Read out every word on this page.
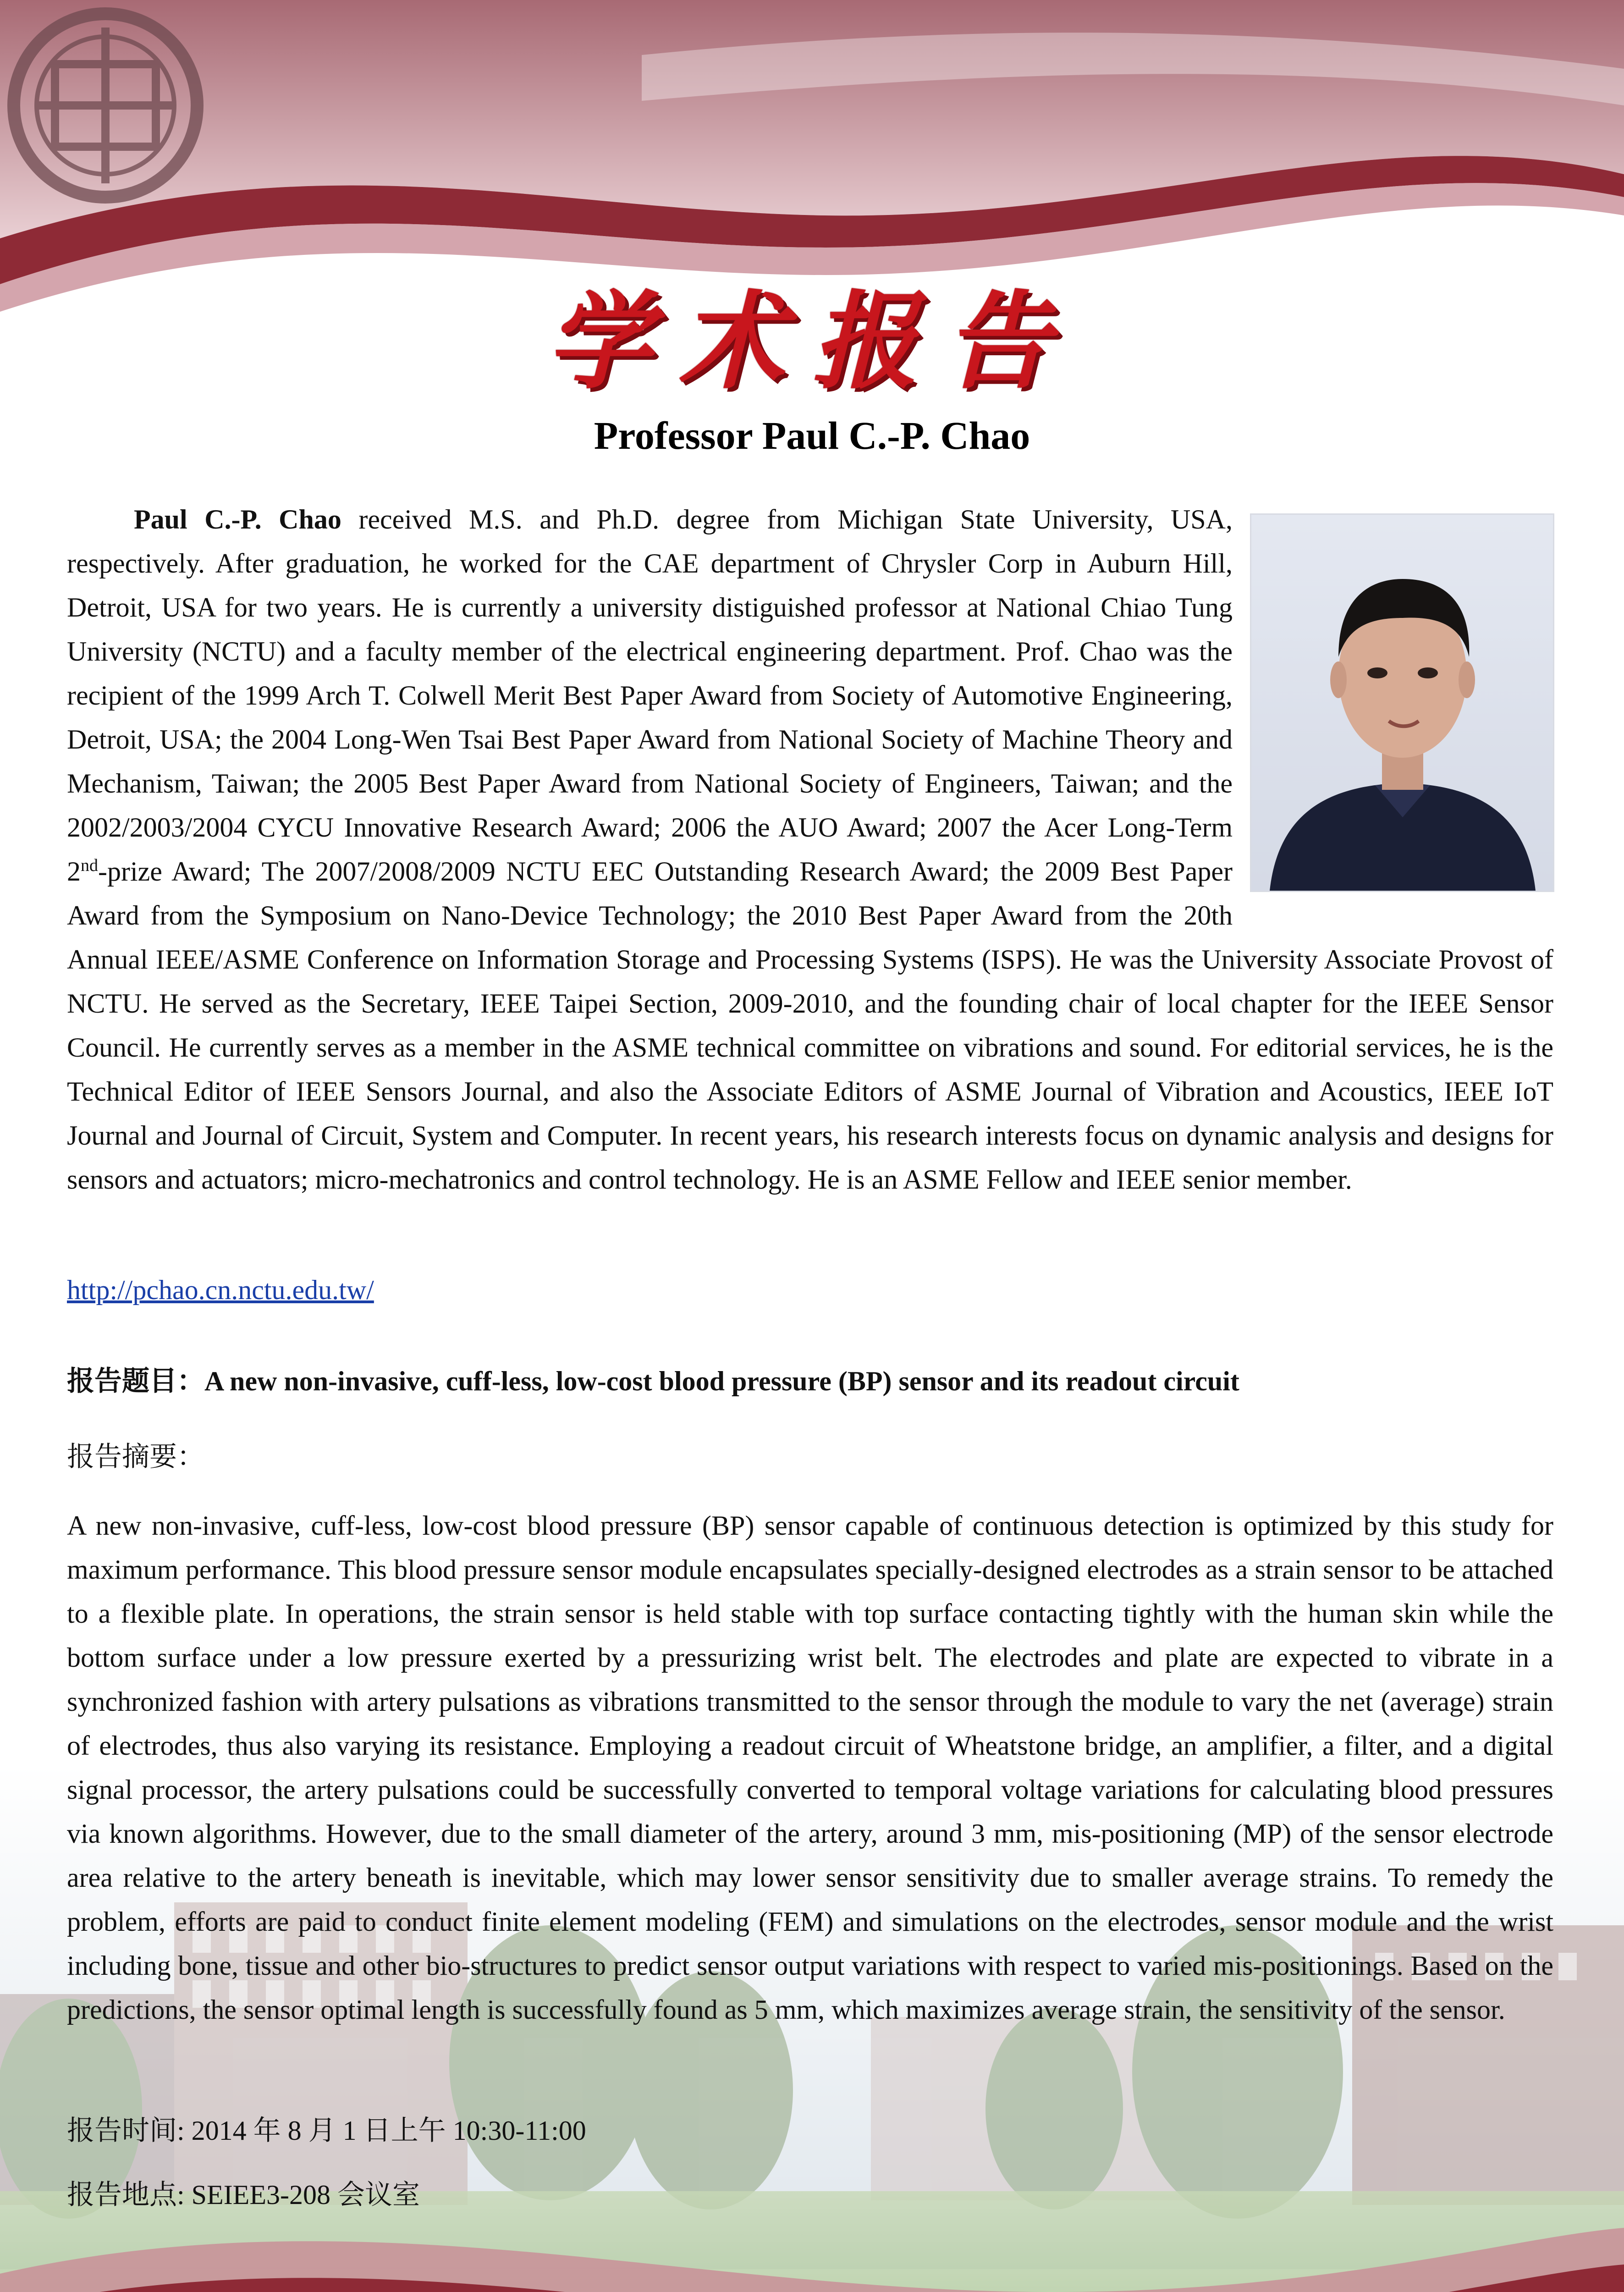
学术报告
Professor Paul C.-P. Chao

Paul C.-P. Chao received M.S. and Ph.D. degree from Michigan State University, USA, respectively. After graduation, he worked for the CAE department of Chrysler Corp in Auburn Hill, Detroit, USA for two years. He is currently a university distiguished professor at National Chiao Tung University (NCTU) and a faculty member of the electrical engineering department. Prof. Chao was the recipient of the 1999 Arch T. Colwell Merit Best Paper Award from Society of Automotive Engineering, Detroit, USA; the 2004 Long-Wen Tsai Best Paper Award from National Society of Machine Theory and Mechanism, Taiwan; the 2005 Best Paper Award from National Society of Engineers, Taiwan; and the 2002/2003/2004 CYCU Innovative Research Award; 2006 the AUO Award; 2007 the Acer Long-Term 2nd-prize Award; The 2007/2008/2009 NCTU EEC Outstanding Research Award; the 2009 Best Paper Award from the Symposium on Nano-Device Technology; the 2010 Best Paper Award from the 20th Annual IEEE/ASME Conference on Information Storage and Processing Systems (ISPS). He was the University Associate Provost of NCTU. He served as the Secretary, IEEE Taipei Section, 2009-2010, and the founding chair of local chapter for the IEEE Sensor Council. He currently serves as a member in the ASME technical committee on vibrations and sound. For editorial services, he is the Technical Editor of IEEE Sensors Journal, and also the Associate Editors of ASME Journal of Vibration and Acoustics, IEEE IoT Journal and Journal of Circuit, System and Computer. In recent years, his research interests focus on dynamic analysis and designs for sensors and actuators; micro-mechatronics and control technology. He is an ASME Fellow and IEEE senior member.

http://pchao.cn.nctu.edu.tw/
报告题目：A new non-invasive, cuff-less, low-cost blood pressure (BP) sensor and its readout circuit
报告摘要：

A new non-invasive, cuff-less, low-cost blood pressure (BP) sensor capable of continuous detection is optimized by this study for maximum performance. This blood pressure sensor module encapsulates specially-designed electrodes as a strain sensor to be attached to a flexible plate. In operations, the strain sensor is held stable with top surface contacting tightly with the human skin while the bottom surface under a low pressure exerted by a pressurizing wrist belt. The electrodes and plate are expected to vibrate in a synchronized fashion with artery pulsations as vibrations transmitted to the sensor through the module to vary the net (average) strain of electrodes, thus also varying its resistance. Employing a readout circuit of Wheatstone bridge, an amplifier, a filter, and a digital signal processor, the artery pulsations could be successfully converted to temporal voltage variations for calculating blood pressures via known algorithms. However, due to the small diameter of the artery, around 3 mm, mis-positioning (MP) of the sensor electrode area relative to the artery beneath is inevitable, which may lower sensor sensitivity due to smaller average strains. To remedy the problem, efforts are paid to conduct finite element modeling (FEM) and simulations on the electrodes, sensor module and the wrist including bone, tissue and other bio-structures to predict sensor output variations with respect to varied mis-positionings. Based on the predictions, the sensor optimal length is successfully found as 5 mm, which maximizes average strain, the sensitivity of the sensor.

报告时间: 2014 年 8 月 1 日上午 10:30-11:00
报告地点: SEIEE3-208 会议室
